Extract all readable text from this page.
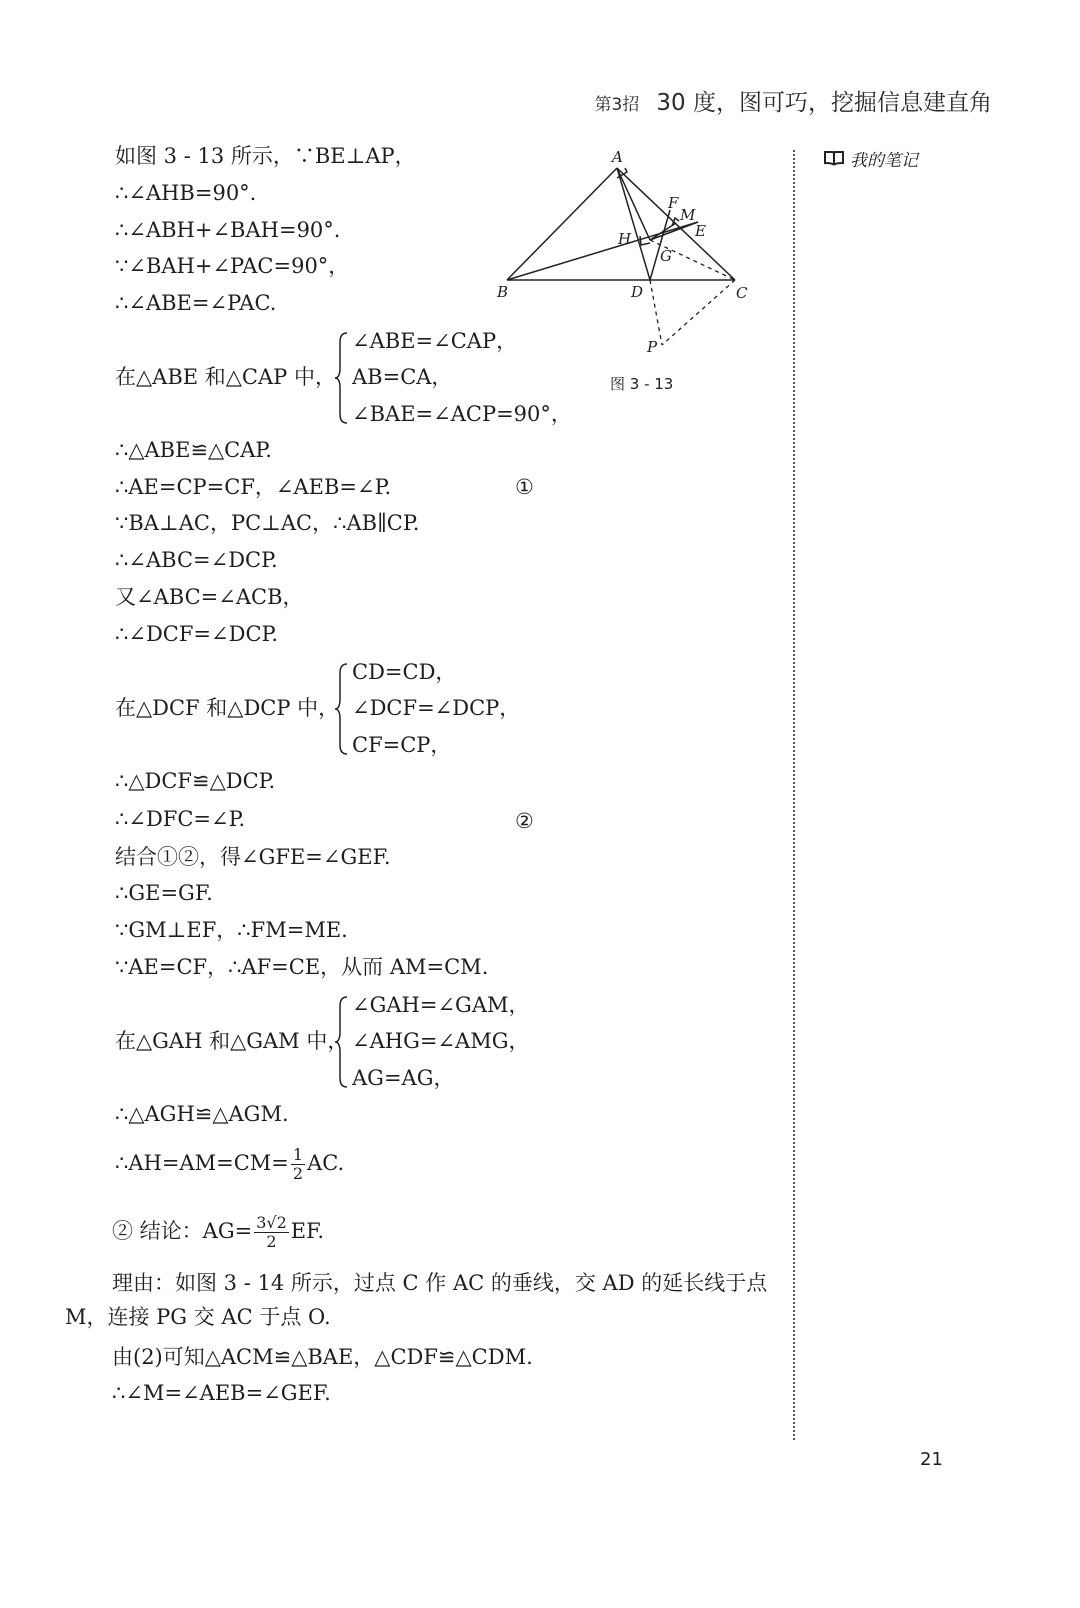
第3招 30 度，图可巧，挖掘信息建直角
我的笔记
A
B	C
D
E
F
G
H
M
P
图 3 - 13
如图 3 - 13 所示，∵BE⊥AP，
∴∠AHB=90°.
∴∠ABH+∠BAH=90°.
∵∠BAH+∠PAC=90°，
∴∠ABE=∠PAC.
在△ABE 和△CAP 中，
∠ABE=∠CAP，
AB=CA，
∠BAE=∠ACP=90°，
∴△ABE≌△CAP.
∴AE=CP=CF，∠AEB=∠P.	①
∵BA⊥AC，PC⊥AC，∴AB∥CP.
∴∠ABC=∠DCP.
又∠ABC=∠ACB，
∴∠DCF=∠DCP.
在△DCF 和△DCP 中，
CD=CD，
∠DCF=∠DCP，
CF=CP，
∴△DCF≌△DCP.
∴∠DFC=∠P.	②
结合①②，得∠GFE=∠GEF.
∴GE=GF.
∵GM⊥EF，∴FM=ME.
∵AE=CF，∴AF=CE，从而 AM=CM.
在△GAH 和△GAM 中，
∠GAH=∠GAM，
∠AHG=∠AMG，
AG=AG，
∴△AGH≌△AGM.
∴AH=AM=CM= $\frac{1}{2}$ AC.
② 结论：$AG= \frac{3√2}{2}$ EF.
理由：如图 3 - 14 所示，过点 C 作 AC 的垂线，交 AD 的延长线于点
M，连接 PG 交 AC 于点 O.
由(2)可知△ACM≌△BAE，△CDF≌△CDM.
∴∠M=∠AEB=∠GEF.
21
